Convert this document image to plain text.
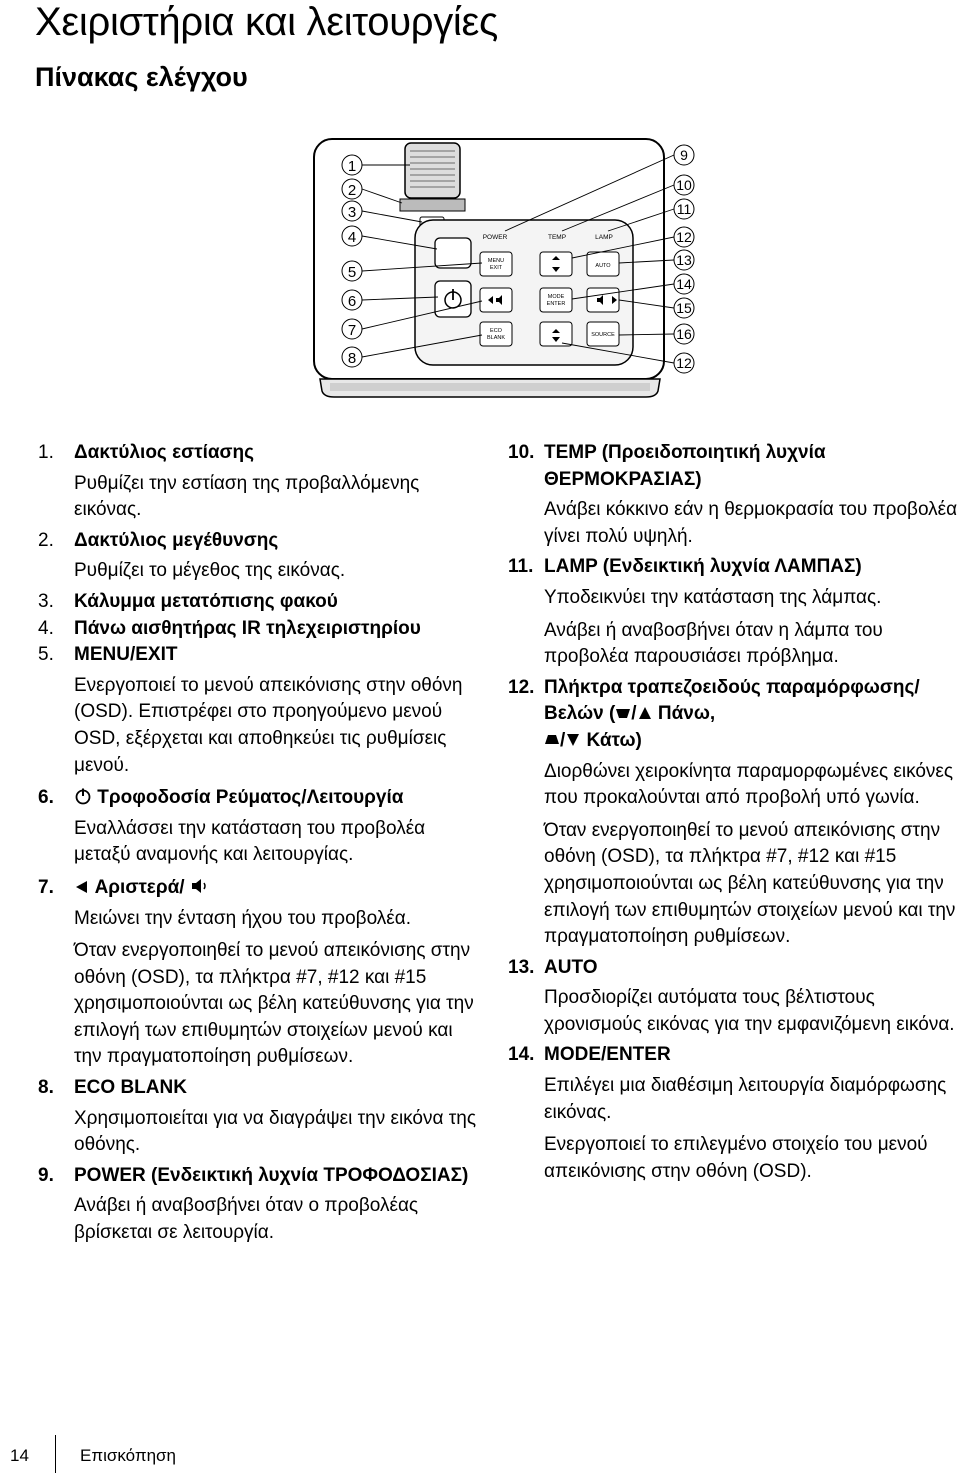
Χειριστήρια και λειτουργίες
Πίνακας ελέγχου
POWER	TEMP	LAMP
MENU
EXIT	AUTO
MODE
ENTER
ECO
BLANK	SOURCE
1
2
3
4
5
6
7
8
9
10
11
12
13
14
15
16
12
1. Δακτύλιος εστίασης
Ρυθμίζει την εστίαση της προβαλλόμενης εικόνας.
2. Δακτύλιος μεγέθυνσης
Ρυθμίζει το μέγεθος της εικόνας.
3. Κάλυμμα μετατόπισης φακού
4. Πάνω αισθητήρας IR τηλεχειριστηρίου
5. MENU/EXIT
Ενεργοποιεί το μενού απεικόνισης στην οθόνη (OSD). Επιστρέφει στο προηγούμενο μενού OSD, εξέρχεται και αποθηκεύει τις ρυθμίσεις μενού.
6.	Τροφοδοσία Ρεύματος/Λειτουργία
Εναλλάσσει την κατάσταση του προβολέα μεταξύ αναμονής και λειτουργίας.
7.	Αριστερά/
Μειώνει την ένταση ήχου του προβολέα.
Όταν ενεργοποιηθεί το μενού απεικόνισης στην οθόνη (OSD), τα πλήκτρα #7, #12 και #15 χρησιμοποιούνται ως βέλη κατεύθυνσης για την επιλογή των επιθυμητών στοιχείων μενού και την πραγματοποίηση ρυθμίσεων.
8. ECO BLANK
Χρησιμοποιείται για να διαγράψει την εικόνα της οθόνης.
9. POWER (Ενδεικτική λυχνία ΤΡΟΦΟΔΟΣΙΑΣ)
Ανάβει ή αναβοσβήνει όταν ο προβολέας βρίσκεται σε λειτουργία.
10. TEMP (Προειδοποιητική λυχνία ΘΕΡΜΟΚΡΑΣΙΑΣ)
Ανάβει κόκκινο εάν η θερμοκρασία του προβολέα γίνει πολύ υψηλή.
11. LAMP (Ενδεικτική λυχνία ΛΑΜΠΑΣ)
Υποδεικνύει την κατάσταση της λάμπας.
Ανάβει ή αναβοσβήνει όταν η λάμπα του προβολέα παρουσιάσει πρόβλημα.
12. Πλήκτρα τραπεζοειδούς παραμόρφωσης/Βελών ( / Πάνω,
/ Κάτω)
Διορθώνει χειροκίνητα παραμορφωμένες εικόνες που προκαλούνται από προβολή υπό γωνία.
Όταν ενεργοποιηθεί το μενού απεικόνισης στην οθόνη (OSD), τα πλήκτρα #7, #12 και #15 χρησιμοποιούνται ως βέλη κατεύθυνσης για την επιλογή των επιθυμητών στοιχείων μενού και την πραγματοποίηση ρυθμίσεων.
13. AUTO
Προσδιορίζει αυτόματα τους βέλτιστους χρονισμούς εικόνας για την εμφανιζόμενη εικόνα.
14. MODE/ENTER
Επιλέγει μια διαθέσιμη λειτουργία διαμόρφωσης εικόνας.
Ενεργοποιεί το επιλεγμένο στοιχείο του μενού απεικόνισης στην οθόνη (OSD).
14	Επισκόπηση
